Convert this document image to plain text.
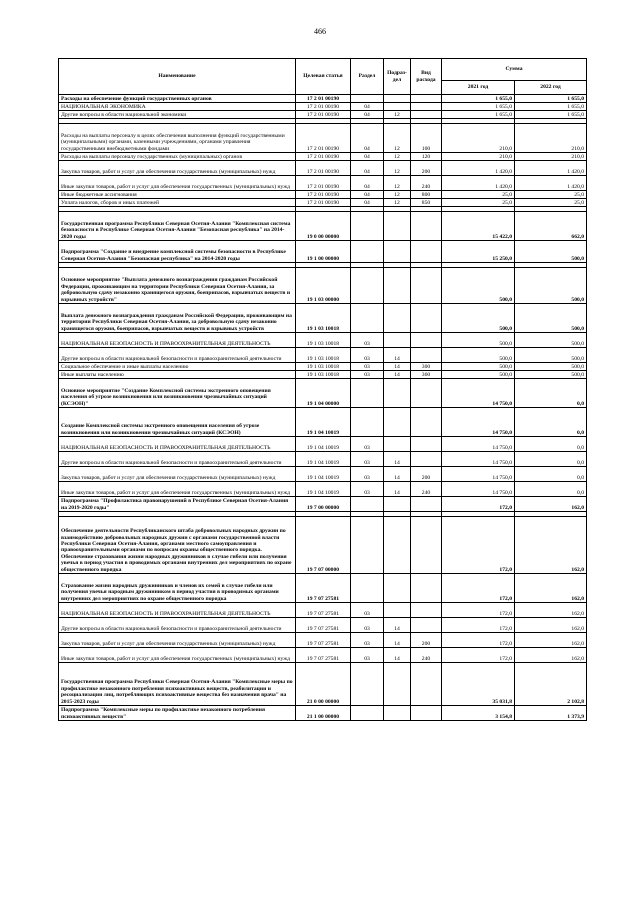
466
Наименование	Целевая статья	Раздел	Подраз-дел	Вид расхода	Сумма	
					2021 год	2022 год
Расходы на обеспечение функций государственных органов	17 2 01 00190				1 655,0	1 655,0
НАЦИОНАЛЬНАЯ ЭКОНОМИКА	17 2 01 00190	04			1 655,0	1 655,0
Другие вопросы в области национальной экономики	17 2 01 00190	04	12		1 655,0	1 655,0

Расходы на выплаты персоналу в целях обеспечения выполнения функций государственными (муниципальными) органами, казенными учреждениями, органами управления государственными внебюджетными фондами	17 2 01 00190	04	12	100	210,0	210,0
Расходы на выплаты персоналу государственных (муниципальных) органов	17 2 01 00190	04	12	120	210,0	210,0
Закупка товаров, работ и услуг для обеспечения государственных (муниципальных) нужд	17 2 01 00190	04	12	200	1 420,0	1 420,0
Иные закупки товаров, работ и услуг для обеспечения государственных (муниципальных) нужд	17 2 01 00190	04	12	240	1 420,0	1 420,0
Иные бюджетные ассигнования	17 2 01 00190	04	12	800	25,0	25,0
Уплата налогов, сборов и иных платежей	17 2 01 00190	04	12	850	25,0	25,0

Государственная программа Республики Северная Осетия-Алания "Комплексная система безопасности в Республике Северная Осетия-Алания "Безопасная республика" на 2014-2020 годы	19 0 00 00000				15 422,0	662,0
Подпрограмма "Создание и внедрение комплексной системы безопасности в Республике Северная Осетия-Алания "Безопасная республика" на 2014-2020 годы	19 1 00 00000				15 250,0	500,0

Основное мероприятие "Выплата денежного вознаграждения гражданам Российской Федерации, проживающим на территории Республики Северная Осетия-Алания, за добровольную сдачу незаконно хранящегося оружия, боеприпасов, взрывчатых веществ и взрывных устройств"	19 1 03 00000				500,0	500,0
Выплата денежного вознаграждения гражданам Российской Федерации, проживающим на территории Республики Северная Осетия-Алания, за добровольную сдачу незаконно хранящегося оружия, боеприпасов, взрывчатых веществ и взрывных устройств	19 1 03 10018				500,0	500,0
НАЦИОНАЛЬНАЯ БЕЗОПАСНОСТЬ И ПРАВООХРАНИТЕЛЬНАЯ ДЕЯТЕЛЬНОСТЬ	19 1 03 10018	03			500,0	500,0
Другие вопросы в области национальной безопасности и правоохранительной деятельности	19 1 03 10018	03	14		500,0	500,0
Социальное обеспечение и иные выплаты населению	19 1 03 10018	03	14	300	500,0	500,0
Иные выплаты населению	19 1 03 10018	03	14	360	500,0	500,0
Основное мероприятие "Создание Комплексной системы экстренного оповещения населения об угрозе возникновения или возникновении чрезвычайных ситуаций (КСЭОН)"	19 1 04 00000				14 750,0	0,0
Создание Комплексной системы экстренного оповещения населения об угрозе возникновения или возникновении чрезвычайных ситуаций (КСЭОН)	19 1 04 10019				14 750,0	0,0
НАЦИОНАЛЬНАЯ БЕЗОПАСНОСТЬ И ПРАВООХРАНИТЕЛЬНАЯ ДЕЯТЕЛЬНОСТЬ	19 1 04 10019	03			14 750,0	0,0
Другие вопросы в области национальной безопасности и правоохранительной деятельности	19 1 04 10019	03	14		14 750,0	0,0
Закупка товаров, работ и услуг для обеспечения государственных (муниципальных) нужд	19 1 04 10019	03	14	200	14 750,0	0,0
Иные закупки товаров, работ и услуг для обеспечения государственных (муниципальных) нужд	19 1 04 10019	03	14	240	14 750,0	0,0
Подпрограмма "Профилактика правонарушений в Республике Северная Осетия-Алания на 2019-2020 годы"	19 7 00 00000				172,0	162,0

Обеспечение деятельности Республиканского штаба добровольных народных дружин по взаимодействию добровольных народных дружин с органами государственной власти Республики Северная Осетия-Алания, органами местного самоуправления и правоохранительными органами по вопросам охраны общественного порядка. Обеспечение страхования жизни народных дружинников в случае гибели или получения увечья в период участия в проводимых органами внутренних дел мероприятиях по охране общественного порядка	19 7 07 00000				172,0	162,0
Страхование жизни народных дружинников и членов их семей в случае гибели или получения увечья народным дружинником в период участия в проводимых органами внутренних дел мероприятиях по охране общественного порядка	19 7 07 27581				172,0	162,0
НАЦИОНАЛЬНАЯ БЕЗОПАСНОСТЬ И ПРАВООХРАНИТЕЛЬНАЯ ДЕЯТЕЛЬНОСТЬ	19 7 07 27581	03			172,0	162,0
Другие вопросы в области национальной безопасности и правоохранительной деятельности	19 7 07 27581	03	14		172,0	162,0
Закупка товаров, работ и услуг для обеспечения государственных (муниципальных) нужд	19 7 07 27581	03	14	200	172,0	162,0
Иные закупки товаров, работ и услуг для обеспечения государственных (муниципальных) нужд	19 7 07 27581	03	14	240	172,0	162,0
Государственная программа Республики Северная Осетия-Алания "Комплексные меры по профилактике незаконного потребления психоактивных веществ, реабилитации и ресоциализации лиц, потребляющих психоактивные вещества без назначения врача" на 2015-2023 годы	21 0 00 00000				35 031,8	2 102,8
Подпрограмма "Комплексные меры по профилактике незаконного потребления психоактивных веществ"	21 1 00 00000				3 154,8	1 373,9
